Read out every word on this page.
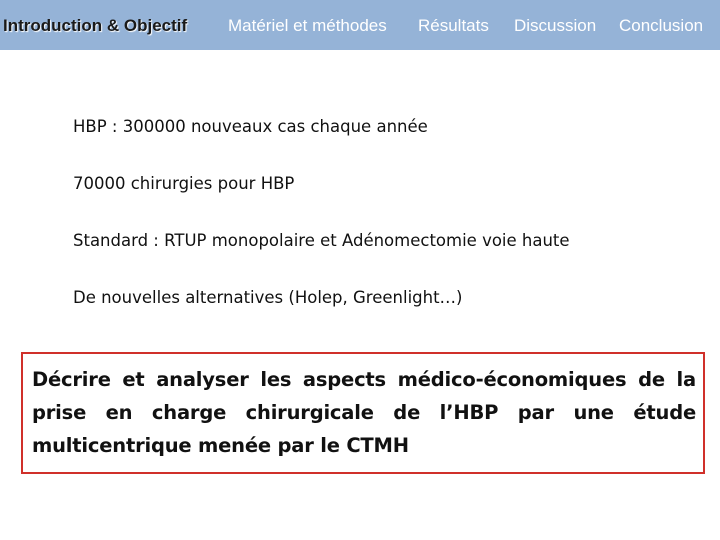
Introduction & Objectif Matériel et méthodes Résultats Discussion Conclusion
HBP : 300000 nouveaux cas chaque année
70000 chirurgies pour HBP
Standard : RTUP monopolaire et Adénomectomie voie haute
De nouvelles alternatives (Holep, Greenlight…)

Décrire et analyser les aspects médico-économiques de la prise en charge chirurgicale de l’HBP par une étude multicentrique menée par le CTMH
